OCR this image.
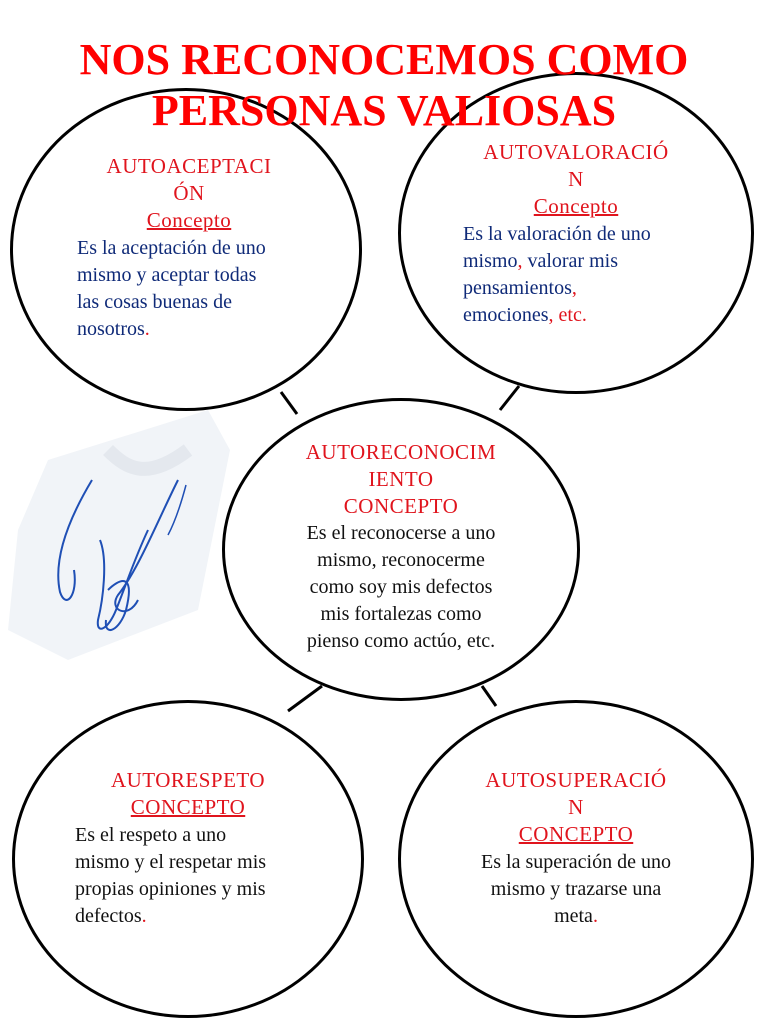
NOS RECONOCEMOS COMO
PERSONAS VALIOSAS
AUTOACEPTACI
ÓN
Concepto
Es la aceptación de uno
mismo y aceptar todas
las cosas buenas de
nosotros.
AUTOVALORACIÓ
N
Concepto
Es la valoración de uno
mismo, valorar mis
pensamientos,
emociones, etc.
AUTORECONOCIM
IENTO
CONCEPTO
Es el reconocerse a uno
mismo, reconocerme
como soy mis defectos
mis fortalezas como
pienso como actúo, etc.
AUTORESPETO
CONCEPTO
Es el respeto a uno
mismo y el respetar mis
propias opiniones y mis
defectos.
AUTOSUPERACIÓ
N
CONCEPTO
Es la superación de uno
mismo y trazarse una
meta.
